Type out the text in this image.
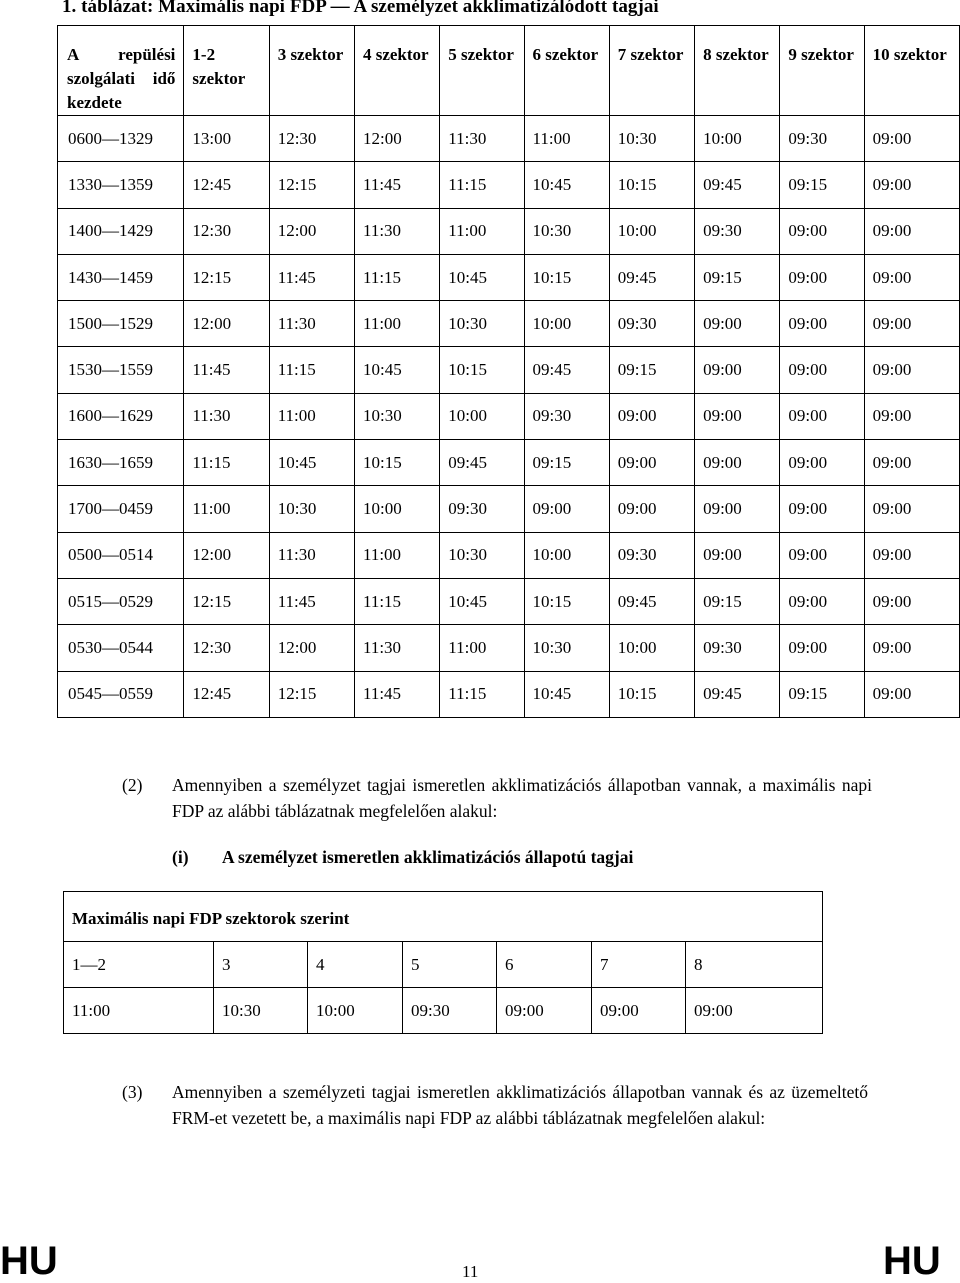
1. táblázat: Maximális napi FDP — A személyzet akklimatizálódott tagjai
A repülési szolgálati idő kezdete	1-2 szektor	3 szektor	4 szektor	5 szektor	6 szektor	7 szektor	8 szektor	9 szektor	10 szektor
0600—1329	13:00	12:30	12:00	11:30	11:00	10:30	10:00	09:30	09:00
1330—1359	12:45	12:15	11:45	11:15	10:45	10:15	09:45	09:15	09:00
1400—1429	12:30	12:00	11:30	11:00	10:30	10:00	09:30	09:00	09:00
1430—1459	12:15	11:45	11:15	10:45	10:15	09:45	09:15	09:00	09:00
1500—1529	12:00	11:30	11:00	10:30	10:00	09:30	09:00	09:00	09:00
1530—1559	11:45	11:15	10:45	10:15	09:45	09:15	09:00	09:00	09:00
1600—1629	11:30	11:00	10:30	10:00	09:30	09:00	09:00	09:00	09:00
1630—1659	11:15	10:45	10:15	09:45	09:15	09:00	09:00	09:00	09:00
1700—0459	11:00	10:30	10:00	09:30	09:00	09:00	09:00	09:00	09:00
0500—0514	12:00	11:30	11:00	10:30	10:00	09:30	09:00	09:00	09:00
0515—0529	12:15	11:45	11:15	10:45	10:15	09:45	09:15	09:00	09:00
0530—0544	12:30	12:00	11:30	11:00	10:30	10:00	09:30	09:00	09:00
0545—0559	12:45	12:15	11:45	11:15	10:45	10:15	09:45	09:15	09:00
(2) Amennyiben a személyzet tagjai ismeretlen akklimatizációs állapotban vannak, a maximális napi FDP az alábbi táblázatnak megfelelően alakul:
(i) A személyzet ismeretlen akklimatizációs állapotú tagjai
Maximális napi FDP szektorok szerint						
1—2	3	4	5	6	7	8
11:00	10:30	10:00	09:30	09:00	09:00	09:00
(3) Amennyiben a személyzeti tagjai ismeretlen akklimatizációs állapotban vannak és az üzemeltető FRM-et vezetett be, a maximális napi FDP az alábbi táblázatnak megfelelően alakul:
HU	11	HU
